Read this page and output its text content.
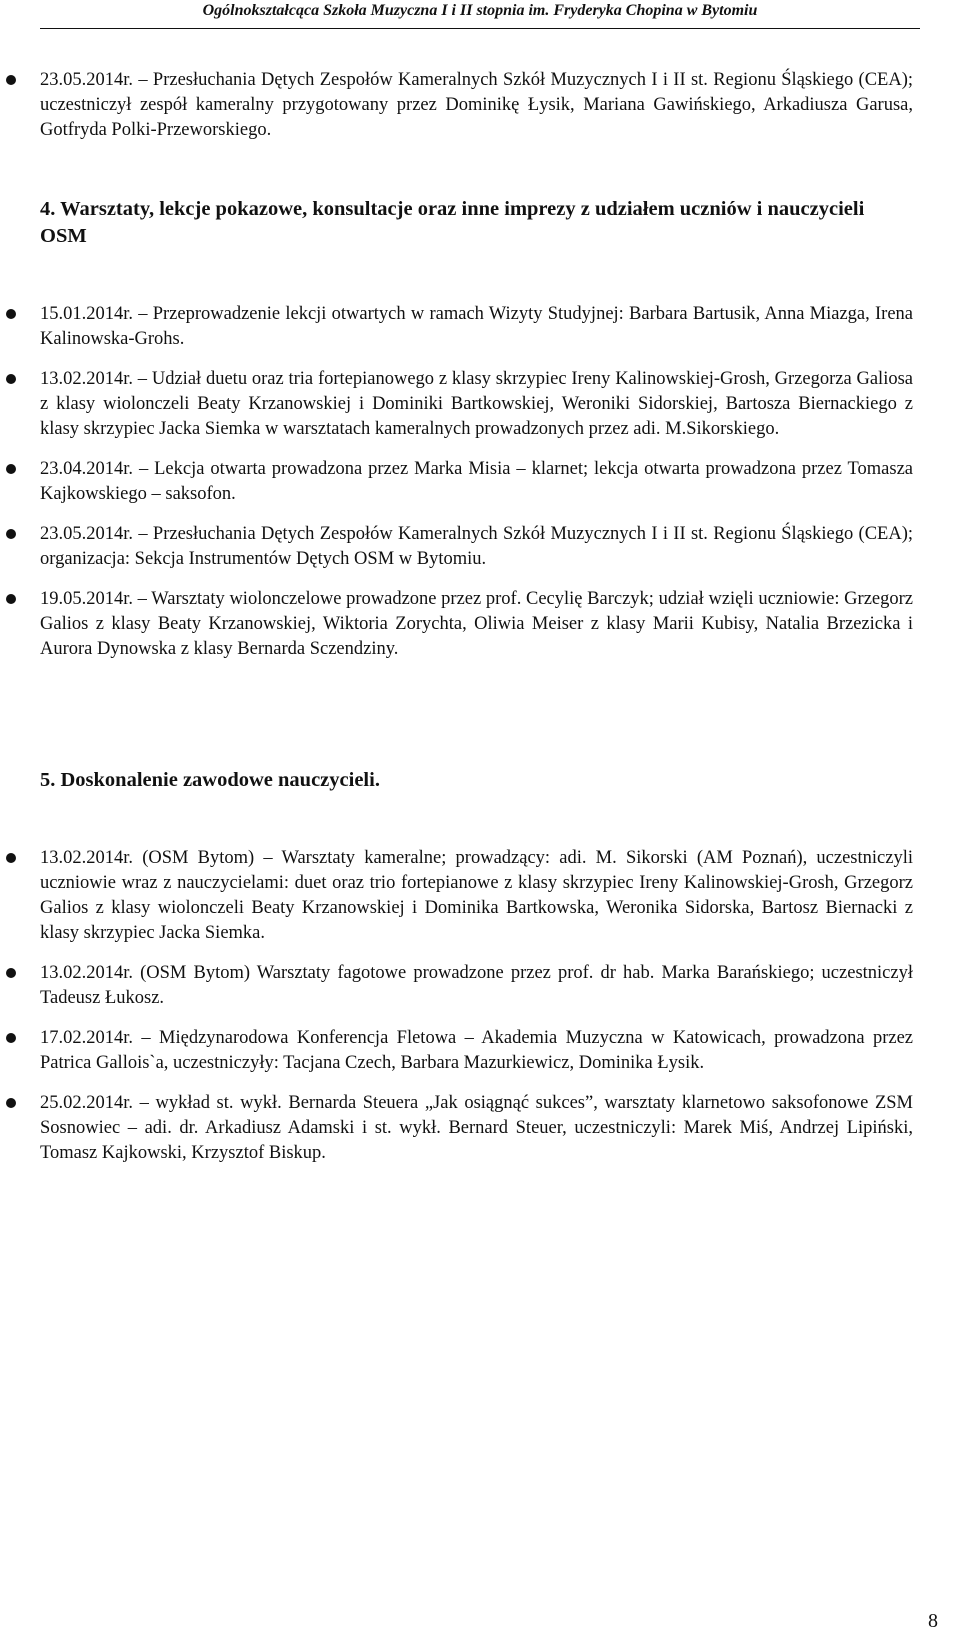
Ogólnokształcąca Szkoła Muzyczna I i II stopnia im. Fryderyka Chopina w Bytomiu
23.05.2014r. – Przesłuchania Dętych Zespołów Kameralnych Szkół Muzycznych I i II st. Regionu Śląskiego (CEA); uczestniczył zespół kameralny przygotowany przez Dominikę Łysik, Mariana Gawińskiego, Arkadiusza Garusa, Gotfryda Polki-Przeworskiego.

4. Warsztaty, lekcje pokazowe, konsultacje oraz inne imprezy z udziałem uczniów i nauczycieli OSM

15.01.2014r. – Przeprowadzenie lekcji otwartych w ramach Wizyty Studyjnej: Barbara Bartusik, Anna Miazga, Irena Kalinowska-Grohs.
13.02.2014r. – Udział duetu oraz tria fortepianowego z klasy skrzypiec Ireny Kalinowskiej-Grosh, Grzegorza Galiosa z klasy wiolonczeli Beaty Krzanowskiej i Dominiki Bartkowskiej, Weroniki Sidorskiej, Bartosza Biernackiego z klasy skrzypiec Jacka Siemka w warsztatach kameralnych prowadzonych przez adi. M.Sikorskiego.
23.04.2014r. – Lekcja otwarta prowadzona przez Marka Misia – klarnet; lekcja otwarta prowadzona przez Tomasza Kajkowskiego – saksofon.
23.05.2014r. – Przesłuchania Dętych Zespołów Kameralnych Szkół Muzycznych I i II st. Regionu Śląskiego (CEA); organizacja: Sekcja Instrumentów Dętych OSM w Bytomiu.
19.05.2014r. – Warsztaty wiolonczelowe prowadzone przez prof. Cecylię Barczyk; udział wzięli uczniowie: Grzegorz Galios z klasy Beaty Krzanowskiej, Wiktoria Zorychta, Oliwia Meiser z klasy Marii Kubisy, Natalia Brzezicka i Aurora Dynowska z klasy Bernarda Sczendziny.

5. Doskonalenie zawodowe nauczycieli.

13.02.2014r. (OSM Bytom) – Warsztaty kameralne; prowadzący: adi. M. Sikorski (AM Poznań), uczestniczyli uczniowie wraz z nauczycielami: duet oraz trio fortepianowe z klasy skrzypiec Ireny Kalinowskiej-Grosh, Grzegorz Galios z klasy wiolonczeli Beaty Krzanowskiej i Dominika Bartkowska, Weronika Sidorska, Bartosz Biernacki z klasy skrzypiec Jacka Siemka.
13.02.2014r. (OSM Bytom) Warsztaty fagotowe prowadzone przez prof. dr hab. Marka Barańskiego; uczestniczył Tadeusz Łukosz.
17.02.2014r. – Międzynarodowa Konferencja Fletowa – Akademia Muzyczna w Katowicach, prowadzona przez Patrica Gallois`a, uczestniczyły: Tacjana Czech, Barbara Mazurkiewicz, Dominika Łysik.
25.02.2014r. – wykład st. wykł. Bernarda Steuera „Jak osiągnąć sukces”, warsztaty klarnetowo saksofonowe ZSM Sosnowiec – adi. dr. Arkadiusz Adamski i st. wykł. Bernard Steuer, uczestniczyli: Marek Miś, Andrzej Lipiński, Tomasz Kajkowski, Krzysztof Biskup.
8
